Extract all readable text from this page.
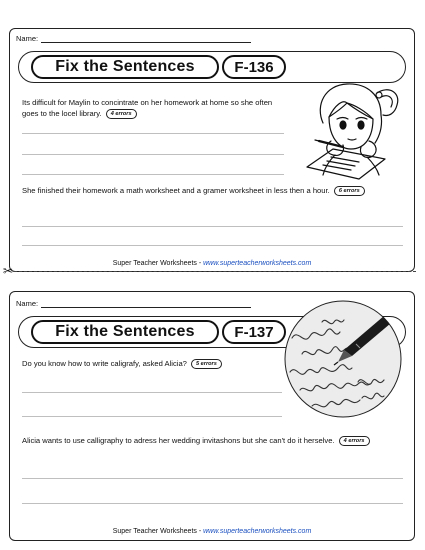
Name:
Fix the Sentences	F-136
Its difficult for Maylin to concintrate on her homework at home so she often goes to the locel library. 4 errors
She finished their homework a math worksheet and a gramer worksheet in less then a hour. 6 errors
Super Teacher Worksheets - www.superteacherworksheets.com
✂
Name:
Fix the Sentences	F-137
Do you know how to write caligrafy, asked Alicia? 5 errors
Alicia wants to use calligraphy to adress her wedding invitashons but she can't do it herselve. 4 errors
Super Teacher Worksheets - www.superteacherworksheets.com
